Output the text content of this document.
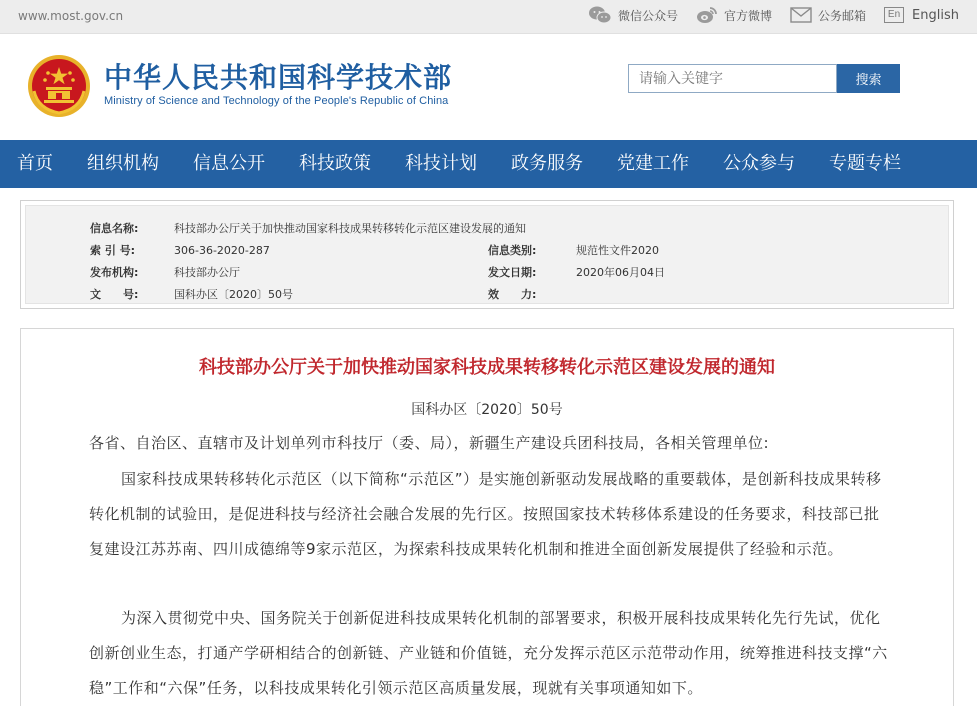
www.most.gov.cn	微信公众号	官方微博	公务邮箱	En English
中华人民共和国科学技术部
Ministry of Science and Technology of the People's Republic of China
请输入关键字
搜索
首页	组织机构	信息公开	科技政策	科技计划	政务服务	党建工作	公众参与	专题专栏
信息名称:	科技部办公厅关于加快推动国家科技成果转移转化示范区建设发展的通知
索 引 号:	306-36-2020-287	信息类别:	规范性文件2020
发布机构:	科技部办公厅	发文日期:	2020年06月04日
文　　号:	国科办区〔2020〕50号	效　　力:
科技部办公厅关于加快推动国家科技成果转移转化示范区建设发展的通知
国科办区〔2020〕50号
各省、自治区、直辖市及计划单列市科技厅（委、局），新疆生产建设兵团科技局，各相关管理单位:
国家科技成果转移转化示范区（以下简称“示范区”）是实施创新驱动发展战略的重要载体，是创新科技成果转移转化机制的试验田，是促进科技与经济社会融合发展的先行区。按照国家技术转移体系建设的任务要求，科技部已批复建设江苏苏南、四川成德绵等9家示范区，为探索科技成果转化机制和推进全面创新发展提供了经验和示范。
为深入贯彻党中央、国务院关于创新促进科技成果转化机制的部署要求，积极开展科技成果转化先行先试，优化创新创业生态，打通产学研相结合的创新链、产业链和价值链，充分发挥示范区示范带动作用，统筹推进科技支撑“六稳”工作和“六保”任务，以科技成果转化引领示范区高质量发展，现就有关事项通知如下。
